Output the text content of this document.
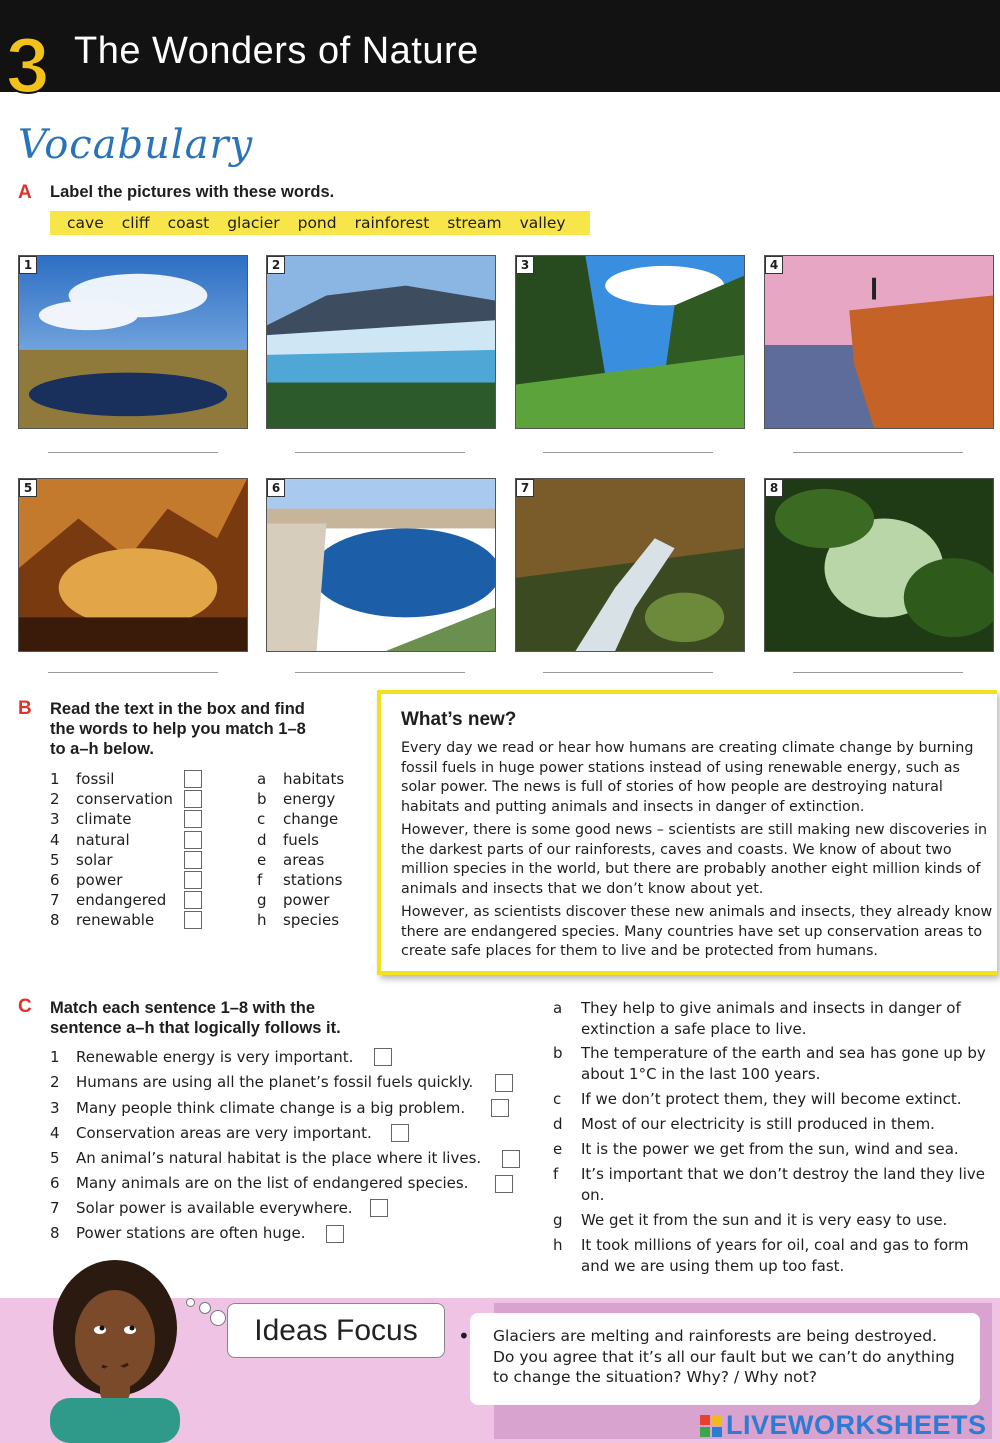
3 The Wonders of Nature
Vocabulary
A Label the pictures with these words.
cave cliff coast glacier pond rainforest stream valley
1	2	3	4
5	6	7	8
B Read the text in the box and find
the words to help you match 1–8
to a–h below.
1 fossil
2 conservation
3 climate
4 natural
5 solar
6 power
7 endangered
8 renewable
a habitats
b energy
c change
d fuels
e areas
f stations
g power
h species
What’s new?

Every day we read or hear how humans are creating climate change by burning fossil fuels in huge power stations instead of using renewable energy, such as solar power. The news is full of stories of how people are destroying natural habitats and putting animals and insects in danger of extinction.

However, there is some good news – scientists are still making new discoveries in the darkest parts of our rainforests, caves and coasts. We know of about two million species in the world, but there are probably another eight million kinds of animals and insects that we don’t know about yet.

However, as scientists discover these new animals and insects, they already know there are endangered species. Many countries have set up conservation areas to create safe places for them to live and be protected from humans.

C Match each sentence 1–8 with the
sentence a–h that logically follows it.
1 Renewable energy is very important.
2 Humans are using all the planet’s fossil fuels quickly.
3 Many people think climate change is a big problem.
4 Conservation areas are very important.
5 An animal’s natural habitat is the place where it lives.
6 Many animals are on the list of endangered species.
7 Solar power is available everywhere.
8 Power stations are often huge.
a They help to give animals and insects in danger of extinction a safe place to live.
b The temperature of the earth and sea has gone up by about 1°C in the last 100 years.
c If we don’t protect them, they will become extinct.
d Most of our electricity is still produced in them.
e It is the power we get from the sun, wind and sea.
f It’s important that we don’t destroy the land they live on.
g We get it from the sun and it is very easy to use.
h It took millions of years for oil, coal and gas to form and we are using them up too fast.
Ideas Focus	• Glaciers are melting and rainforests are being destroyed. Do you agree that it’s all our fault but we can’t do anything to change the situation? Why? / Why not?
LIVEWORKSHEETS
